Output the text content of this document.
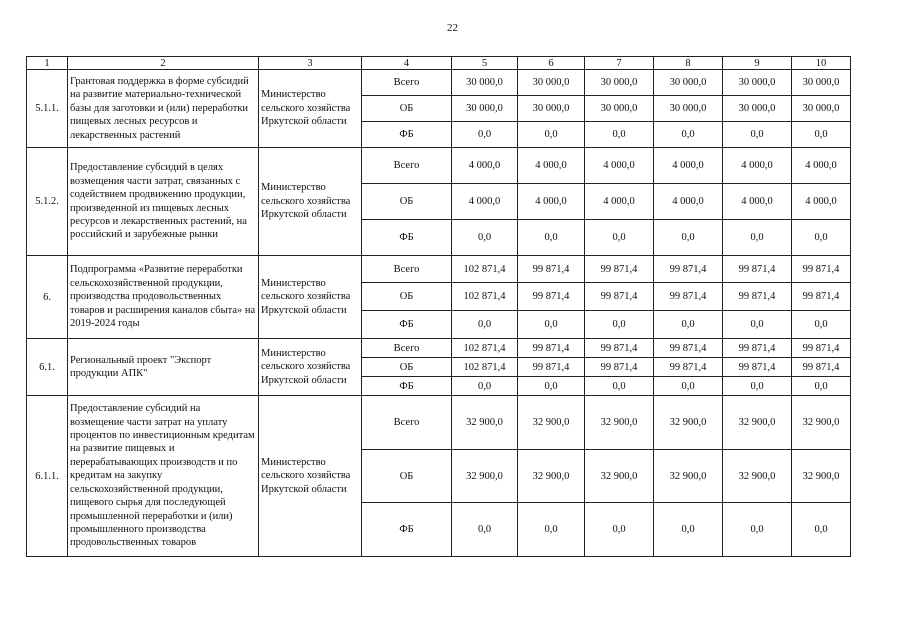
22
1	2	3	4	5	6	7	8	9	10
5.1.1.	Грантовая поддержка в форме субсидий на развитие материально-технической базы для заготовки и (или) переработки пищевых лесных ресурсов и лекарственных растений	Министерство сельского хозяйства Иркутской области	Всего	30 000,0	30 000,0	30 000,0	30 000,0	30 000,0	30 000,0
			ОБ	30 000,0	30 000,0	30 000,0	30 000,0	30 000,0	30 000,0
			ФБ	0,0	0,0	0,0	0,0	0,0	0,0
5.1.2.	Предоставление субсидий в целях возмещения части затрат, связанных с содействием продвижению продукции, произведенной из пищевых лесных ресурсов и лекарственных растений, на российский и зарубежные рынки	Министерство сельского хозяйства Иркутской области	Всего	4 000,0	4 000,0	4 000,0	4 000,0	4 000,0	4 000,0
			ОБ	4 000,0	4 000,0	4 000,0	4 000,0	4 000,0	4 000,0
			ФБ	0,0	0,0	0,0	0,0	0,0	0,0
6.	Подпрограмма «Развитие переработки сельскохозяйственной продукции, производства продовольственных товаров и расширения каналов сбыта» на 2019-2024 годы	Министерство сельского хозяйства Иркутской области	Всего	102 871,4	99 871,4	99 871,4	99 871,4	99 871,4	99 871,4
			ОБ	102 871,4	99 871,4	99 871,4	99 871,4	99 871,4	99 871,4
			ФБ	0,0	0,0	0,0	0,0	0,0	0,0
6.1.	Региональный проект "Экспорт продукции АПК"	Министерство сельского хозяйства Иркутской области	Всего	102 871,4	99 871,4	99 871,4	99 871,4	99 871,4	99 871,4
			ОБ	102 871,4	99 871,4	99 871,4	99 871,4	99 871,4	99 871,4
			ФБ	0,0	0,0	0,0	0,0	0,0	0,0
6.1.1.	Предоставление субсидий на возмещение части затрат на уплату процентов по инвестиционным кредитам на развитие пищевых и перерабатывающих производств и по кредитам на закупку сельскохозяйственной продукции, пищевого сырья для последующей промышленной переработки и (или) промышленного производства продовольственных товаров	Министерство сельского хозяйства Иркутской области	Всего	32 900,0	32 900,0	32 900,0	32 900,0	32 900,0	32 900,0
			ОБ	32 900,0	32 900,0	32 900,0	32 900,0	32 900,0	32 900,0
			ФБ	0,0	0,0	0,0	0,0	0,0	0,0
